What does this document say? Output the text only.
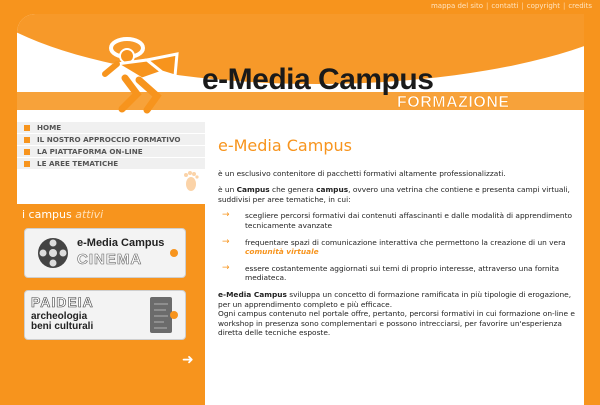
mappa del sito | contatti | copyright | credits
e-Media Campus
FORMAZIONE
HOME
IL NOSTRO APPROCCIO FORMATIVO
LA PIATTAFORMA ON-LINE
LE AREE TEMATICHE
i campus attivi
e-Media Campus
CINEMA
PAIDEIA
archeologia
beni culturali
➜
e-Media Campus

è un esclusivo contenitore di pacchetti formativi altamente professionalizzati.

è un Campus che genera campus, ovvero una vetrina che contiene e presenta campi virtuali, suddivisi per aree tematiche, in cui:

→ scegliere percorsi formativi dai contenuti affascinanti e dalle modalità di apprendimento tecnicamente avanzate
→ frequentare spazi di comunicazione interattiva che permettono la creazione di un vera comunità virtuale
→ essere costantemente aggiornati sui temi di proprio interesse, attraverso una fornita mediateca.

e-Media Campus sviluppa un concetto di formazione ramificata in più tipologie di erogazione, per un apprendimento completo e più efficace.

Ogni campus contenuto nel portale offre, pertanto, percorsi formativi in cui formazione on-line e workshop in presenza sono complementari e possono intrecciarsi, per favorire un'esperienza diretta delle tecniche esposte.
